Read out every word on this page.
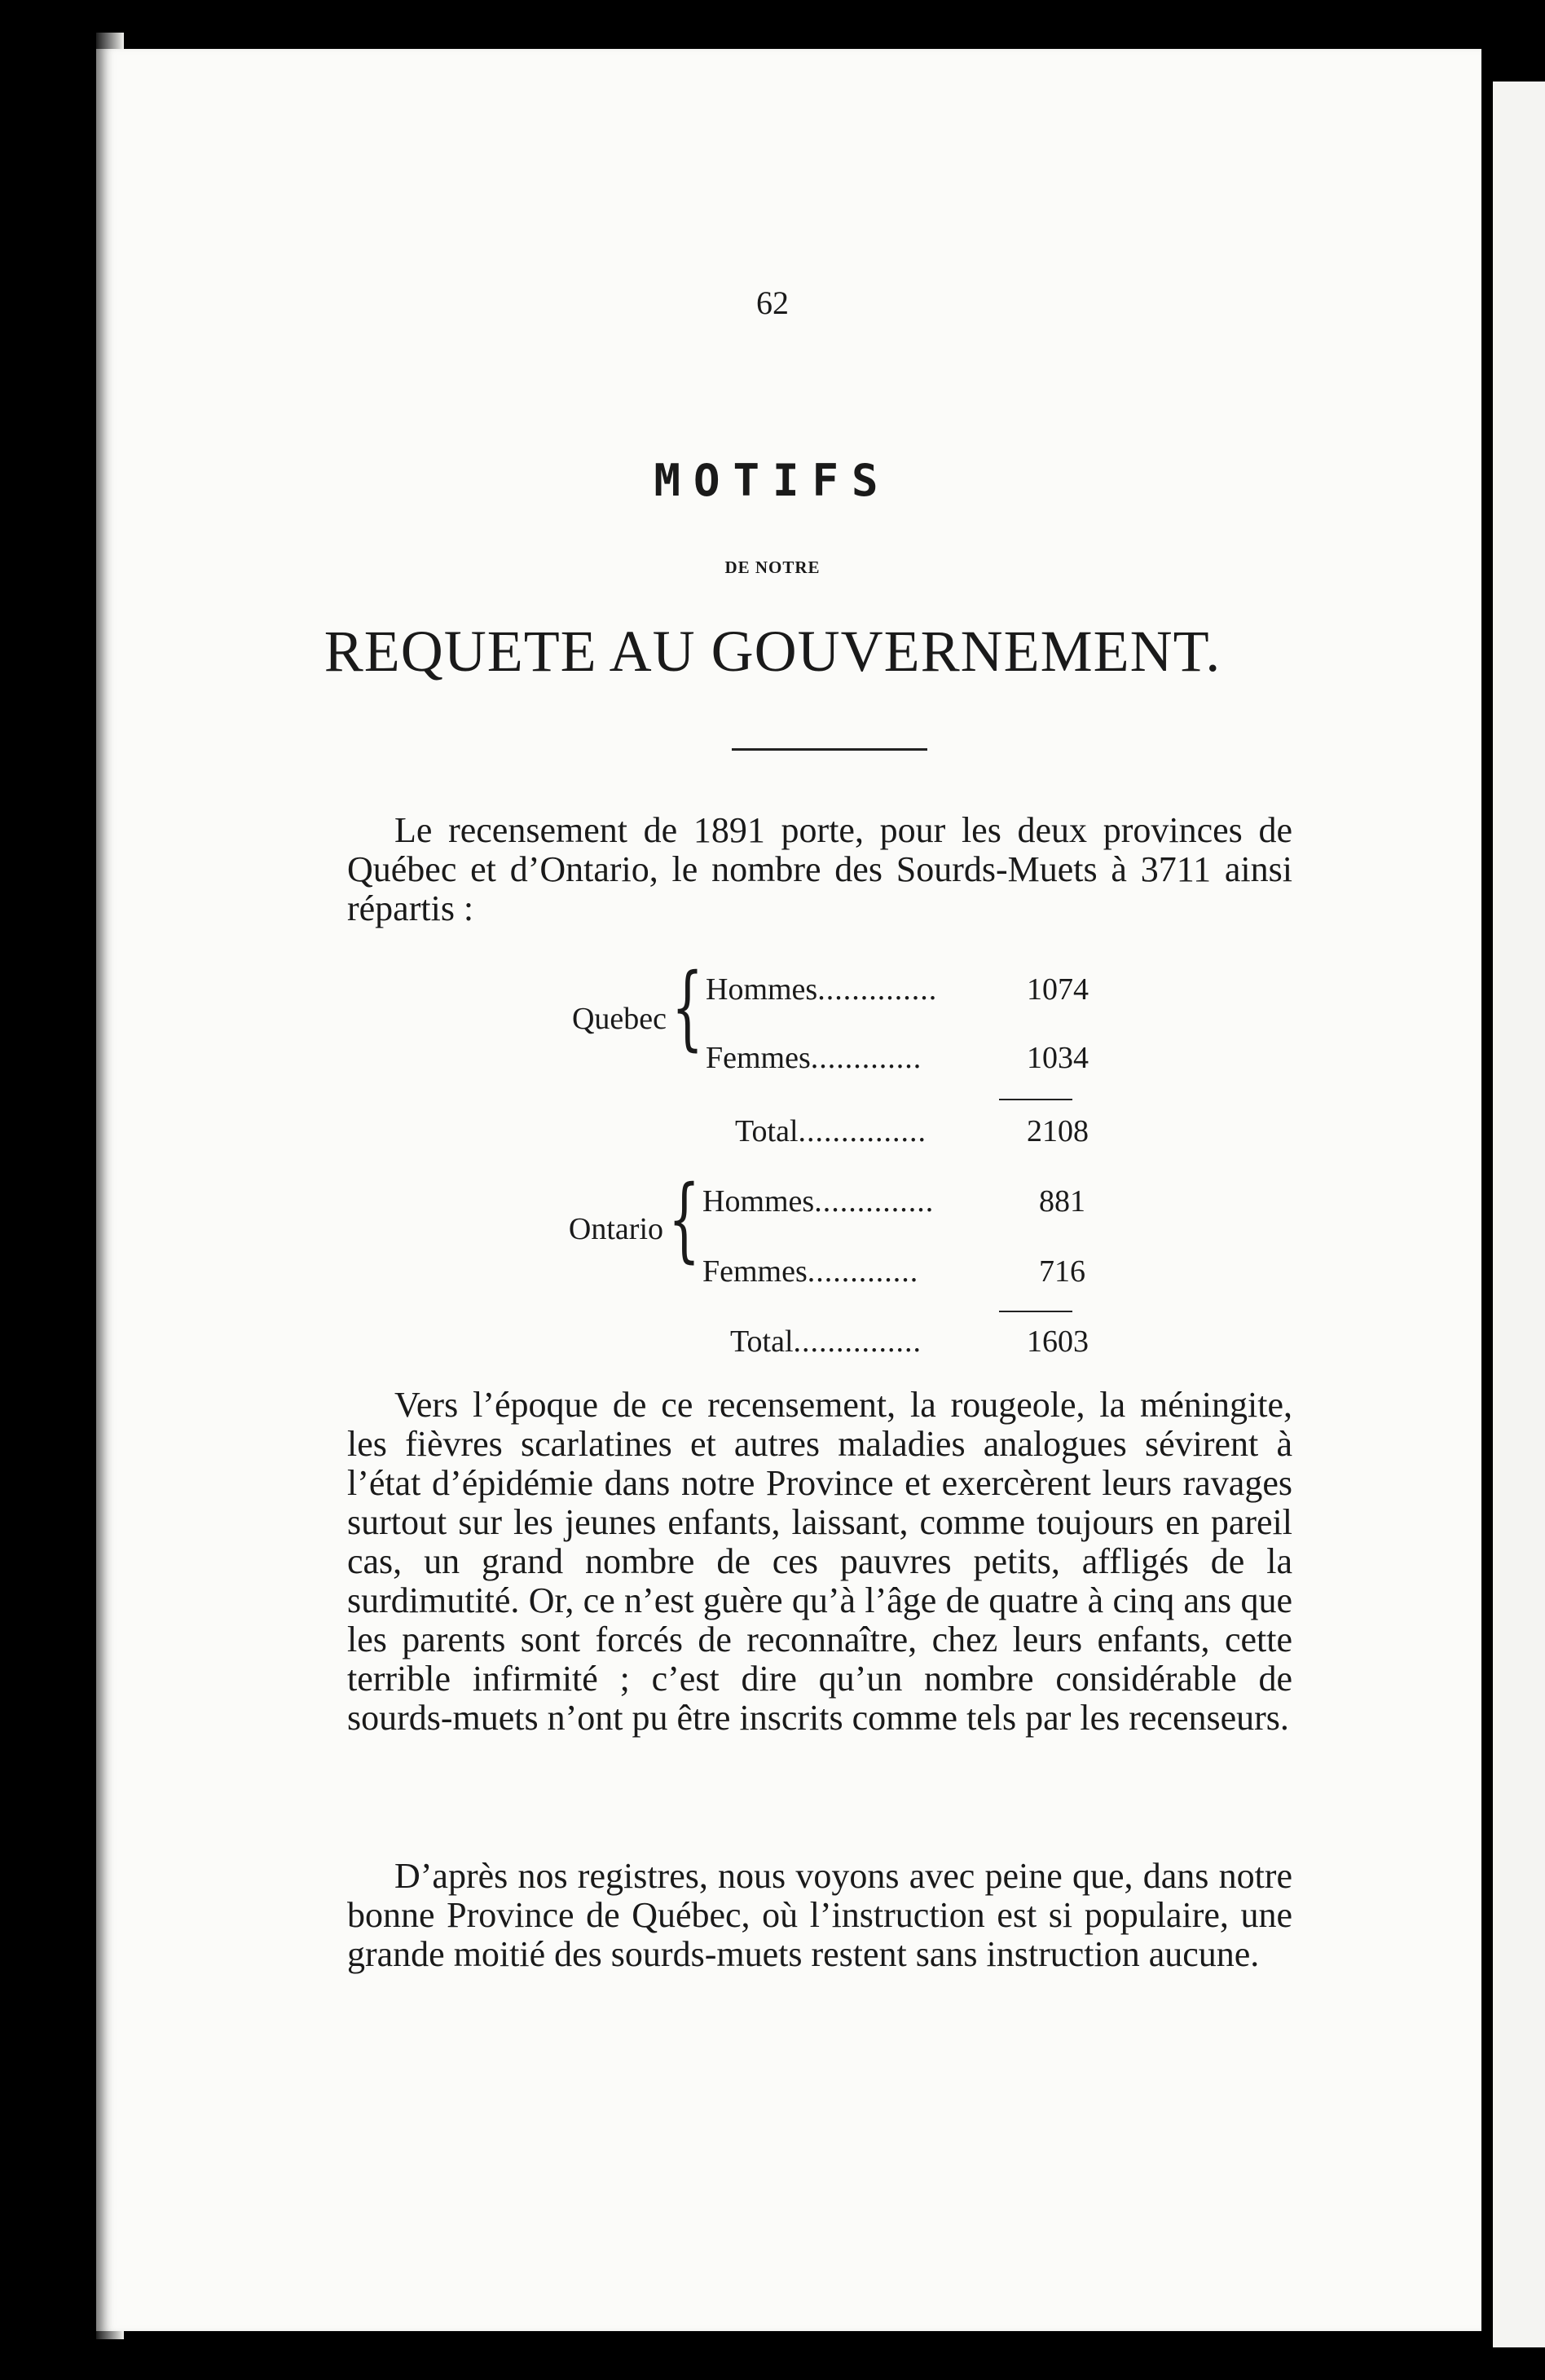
62
MOTIFS
DE NOTRE
REQUETE AU GOUVERNEMENT.
Le recensement de 1891 porte, pour les deux provinces de Québec et d’Ontario, le nombre des Sourds-Muets à 3711 ainsi répartis :
Quebec { Hommes..............	1074
Femmes.............	1034
Total...............	2108
Ontario { Hommes..............	881
Femmes.............	716
Total...............	1603
Vers l’époque de ce recensement, la rougeole, la méningite, les fièvres scarlatines et autres maladies analogues sévirent à l’état d’épidémie dans notre Province et exercèrent leurs ravages surtout sur les jeunes enfants, laissant, comme toujours en pareil cas, un grand nombre de ces pauvres petits, affligés de la surdimutité. Or, ce n’est guère qu’à l’âge de quatre à cinq ans que les parents sont forcés de reconnaître, chez leurs enfants, cette terrible infirmité ; c’est dire qu’un nombre considérable de sourds-muets n’ont pu être inscrits comme tels par les recenseurs.
D’après nos registres, nous voyons avec peine que, dans notre bonne Province de Québec, où l’instruction est si populaire, une grande moitié des sourds-muets restent sans instruction aucune.
